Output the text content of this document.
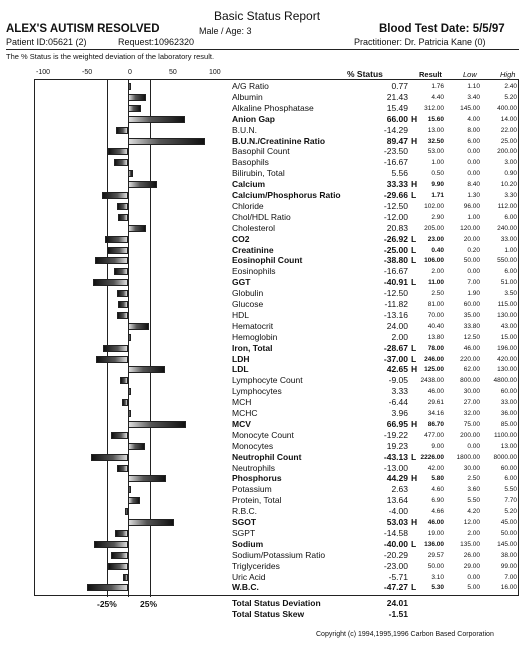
Basic Status Report
ALEX'S AUTISM RESOLVED	Male / Age: 3	Blood Test Date: 5/5/97
Patient ID:05621 (2)	Request:10962320	Practitioner: Dr. Patricia Kane (0)
The % Status is the weighted deviation of the laboratory result.
-100	-50	0	50	100	% Status	Result	Low	High
A/G Ratio	0.77	1.76	1.10	2.40
Albumin	21.43	4.40	3.40	5.20
Alkaline Phosphatase	15.49	312.00	145.00	400.00
Anion Gap	66.00 H	15.60	4.00	14.00
B.U.N.	-14.29	13.00	8.00	22.00
B.U.N./Creatinine Ratio	89.47 H	32.50	6.00	25.00
Basophil Count	-23.50	53.00	0.00	200.00
Basophils	-16.67	1.00	0.00	3.00
Bilirubin, Total	5.56	0.50	0.00	0.90
Calcium	33.33 H	9.90	8.40	10.20
Calcium/Phosphorus Ratio	-29.66 L	1.71	1.30	3.30
Chloride	-12.50	102.00	96.00	112.00
Chol/HDL Ratio	-12.00	2.90	1.00	6.00
Cholesterol	20.83	205.00	120.00	240.00
CO2	-26.92 L	23.00	20.00	33.00
Creatinine	-25.00 L	0.40	0.20	1.00
Eosinophil Count	-38.80 L	106.00	50.00	550.00
Eosinophils	-16.67	2.00	0.00	6.00
GGT	-40.91 L	11.00	7.00	51.00
Globulin	-12.50	2.50	1.90	3.50
Glucose	-11.82	81.00	60.00	115.00
HDL	-13.16	70.00	35.00	130.00
Hematocrit	24.00	40.40	33.80	43.00
Hemoglobin	2.00	13.80	12.50	15.00
Iron, Total	-28.67 L	78.00	46.00	196.00
LDH	-37.00 L	246.00	220.00	420.00
LDL	42.65 H	125.00	62.00	130.00
Lymphocyte Count	-9.05	2438.00	800.00	4800.00
Lymphocytes	3.33	46.00	30.00	60.00
MCH	-6.44	29.61	27.00	33.00
MCHC	3.96	34.16	32.00	36.00
MCV	66.95 H	86.70	75.00	85.00
Monocyte Count	-19.22	477.00	200.00	1100.00
Monocytes	19.23	9.00	0.00	13.00
Neutrophil Count	-43.13 L 2226.00	1800.00	8000.00
Neutrophils	-13.00	42.00	30.00	60.00
Phosphorus	44.29 H	5.80	2.50	6.00
Potassium	2.63	4.60	3.60	5.50
Protein, Total	13.64	6.90	5.50	7.70
R.B.C.	-4.00	4.66	4.20	5.20
SGOT	53.03 H	46.00	12.00	45.00
SGPT	-14.58	19.00	2.00	50.00
Sodium	-40.00 L	136.00	135.00	145.00
Sodium/Potassium Ratio	-20.29	29.57	26.00	38.00
Triglycerides	-23.00	50.00	29.00	99.00
Uric Acid	-5.71	3.10	0.00	7.00
W.B.C.	-47.27 L	5.30	5.00	16.00
-25%	25%	Total Status Deviation	24.01
Total Status Skew	-1.51
Copyright (c) 1994,1995,1996 Carbon Based Corporation
